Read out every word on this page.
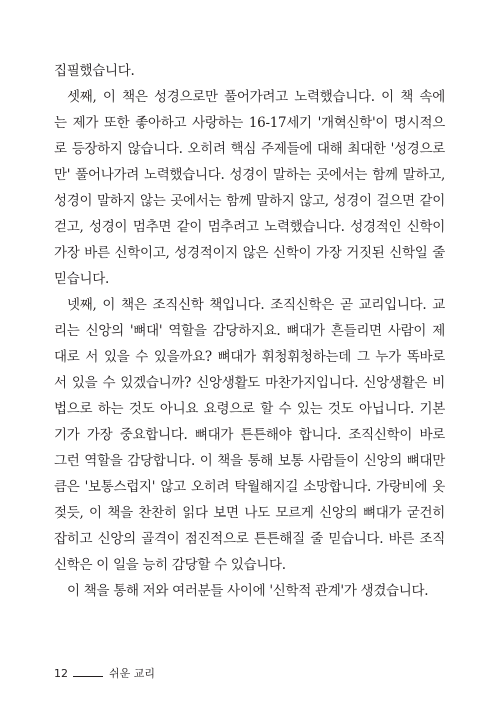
집필했습니다.
셋째, 이 책은 성경으로만 풀어가려고 노력했습니다. 이 책 속에
는 제가 또한 좋아하고 사랑하는 16-17세기 '개혁신학'이 명시적으
로 등장하지 않습니다. 오히려 핵심 주제들에 대해 최대한 '성경으로
만' 풀어나가려 노력했습니다. 성경이 말하는 곳에서는 함께 말하고,
성경이 말하지 않는 곳에서는 함께 말하지 않고, 성경이 걸으면 같이
걷고, 성경이 멈추면 같이 멈추려고 노력했습니다. 성경적인 신학이
가장 바른 신학이고, 성경적이지 않은 신학이 가장 거짓된 신학일 줄
믿습니다.
넷째, 이 책은 조직신학 책입니다. 조직신학은 곧 교리입니다. 교
리는 신앙의 '뼈대' 역할을 감당하지요. 뼈대가 흔들리면 사람이 제
대로 서 있을 수 있을까요? 뼈대가 휘청휘청하는데 그 누가 똑바로
서 있을 수 있겠습니까? 신앙생활도 마찬가지입니다. 신앙생활은 비
법으로 하는 것도 아니요 요령으로 할 수 있는 것도 아닙니다. 기본
기가 가장 중요합니다. 뼈대가 튼튼해야 합니다. 조직신학이 바로
그런 역할을 감당합니다. 이 책을 통해 보통 사람들이 신앙의 뼈대만
큼은 '보통스럽지' 않고 오히려 탁월해지길 소망합니다. 가랑비에 옷
젖듯, 이 책을 찬찬히 읽다 보면 나도 모르게 신앙의 뼈대가 굳건히
잡히고 신앙의 골격이 점진적으로 튼튼해질 줄 믿습니다. 바른 조직
신학은 이 일을 능히 감당할 수 있습니다.
이 책을 통해 저와 여러분들 사이에 '신학적 관계'가 생겼습니다.
12	쉬운 교리
